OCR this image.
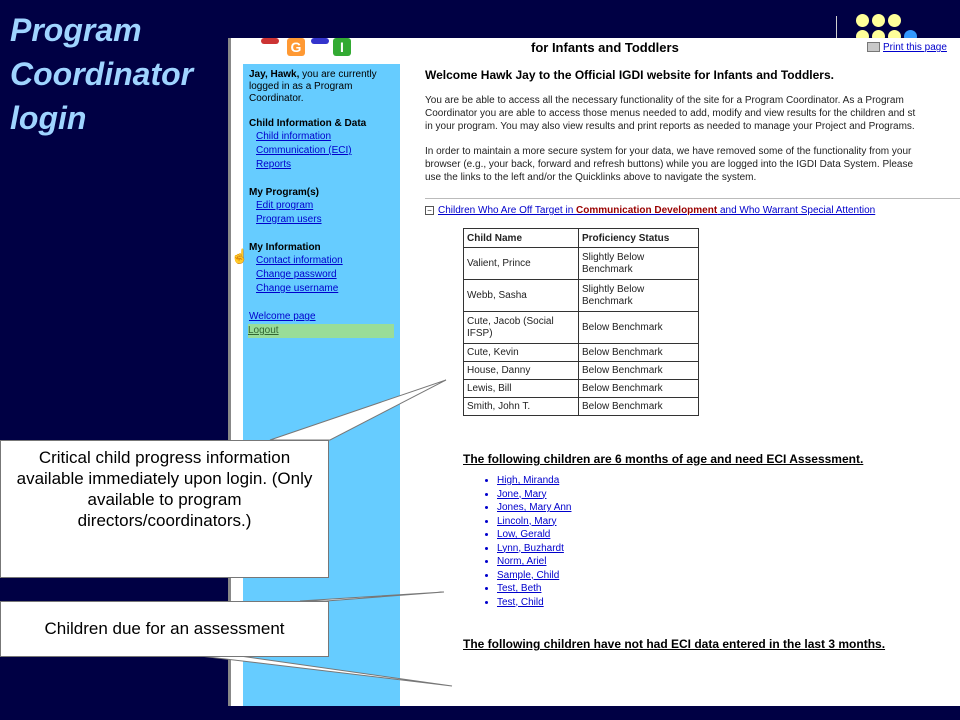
Program
Coordinator
login
G	I	for Infants and Toddlers	Print this page
Jay, Hawk, you are currently logged in as a Program Coordinator.
Child Information & Data
Child information
Communication (ECI)
Reports
My Program(s)
Edit program
Program users
My Information
Contact information
Change password
Change username
Welcome page
Logout
☝
Welcome Hawk Jay to the Official IGDI website for Infants and Toddlers.
You are be able to access all the necessary functionality of the site for a Program Coordinator. As a Program
Coordinator you are able to access those menus needed to add, modify and view results for the children and st
in your program. You may also view results and print reports as needed to manage your Project and Programs.
In order to maintain a more secure system for your data, we have removed some of the functionality from your
browser (e.g., your back, forward and refresh buttons) while you are logged into the IGDI Data System. Please
use the links to the left and/or the Quicklinks above to navigate the system.
− Children Who Are Off Target in Communication Development and Who Warrant Special Attention
Child Name	Proficiency Status
Valient, Prince	Slightly Below Benchmark
Webb, Sasha	Slightly Below Benchmark
Cute, Jacob (Social IFSP)	Below Benchmark
Cute, Kevin	Below Benchmark
House, Danny	Below Benchmark
Lewis, Bill	Below Benchmark
Smith, John T.	Below Benchmark
The following children are 6 months of age and need ECI Assessment.
• High, Miranda
• Jone, Mary
• Jones, Mary Ann
• Lincoln, Mary
• Low, Gerald
• Lynn, Buzhardt
• Norm, Ariel
• Sample, Child
• Test, Beth
• Test, Child
The following children have not had ECI data entered in the last 3 months.
Critical child progress information available immediately upon login. (Only available to program directors/coordinators.)
Children due for an assessment
